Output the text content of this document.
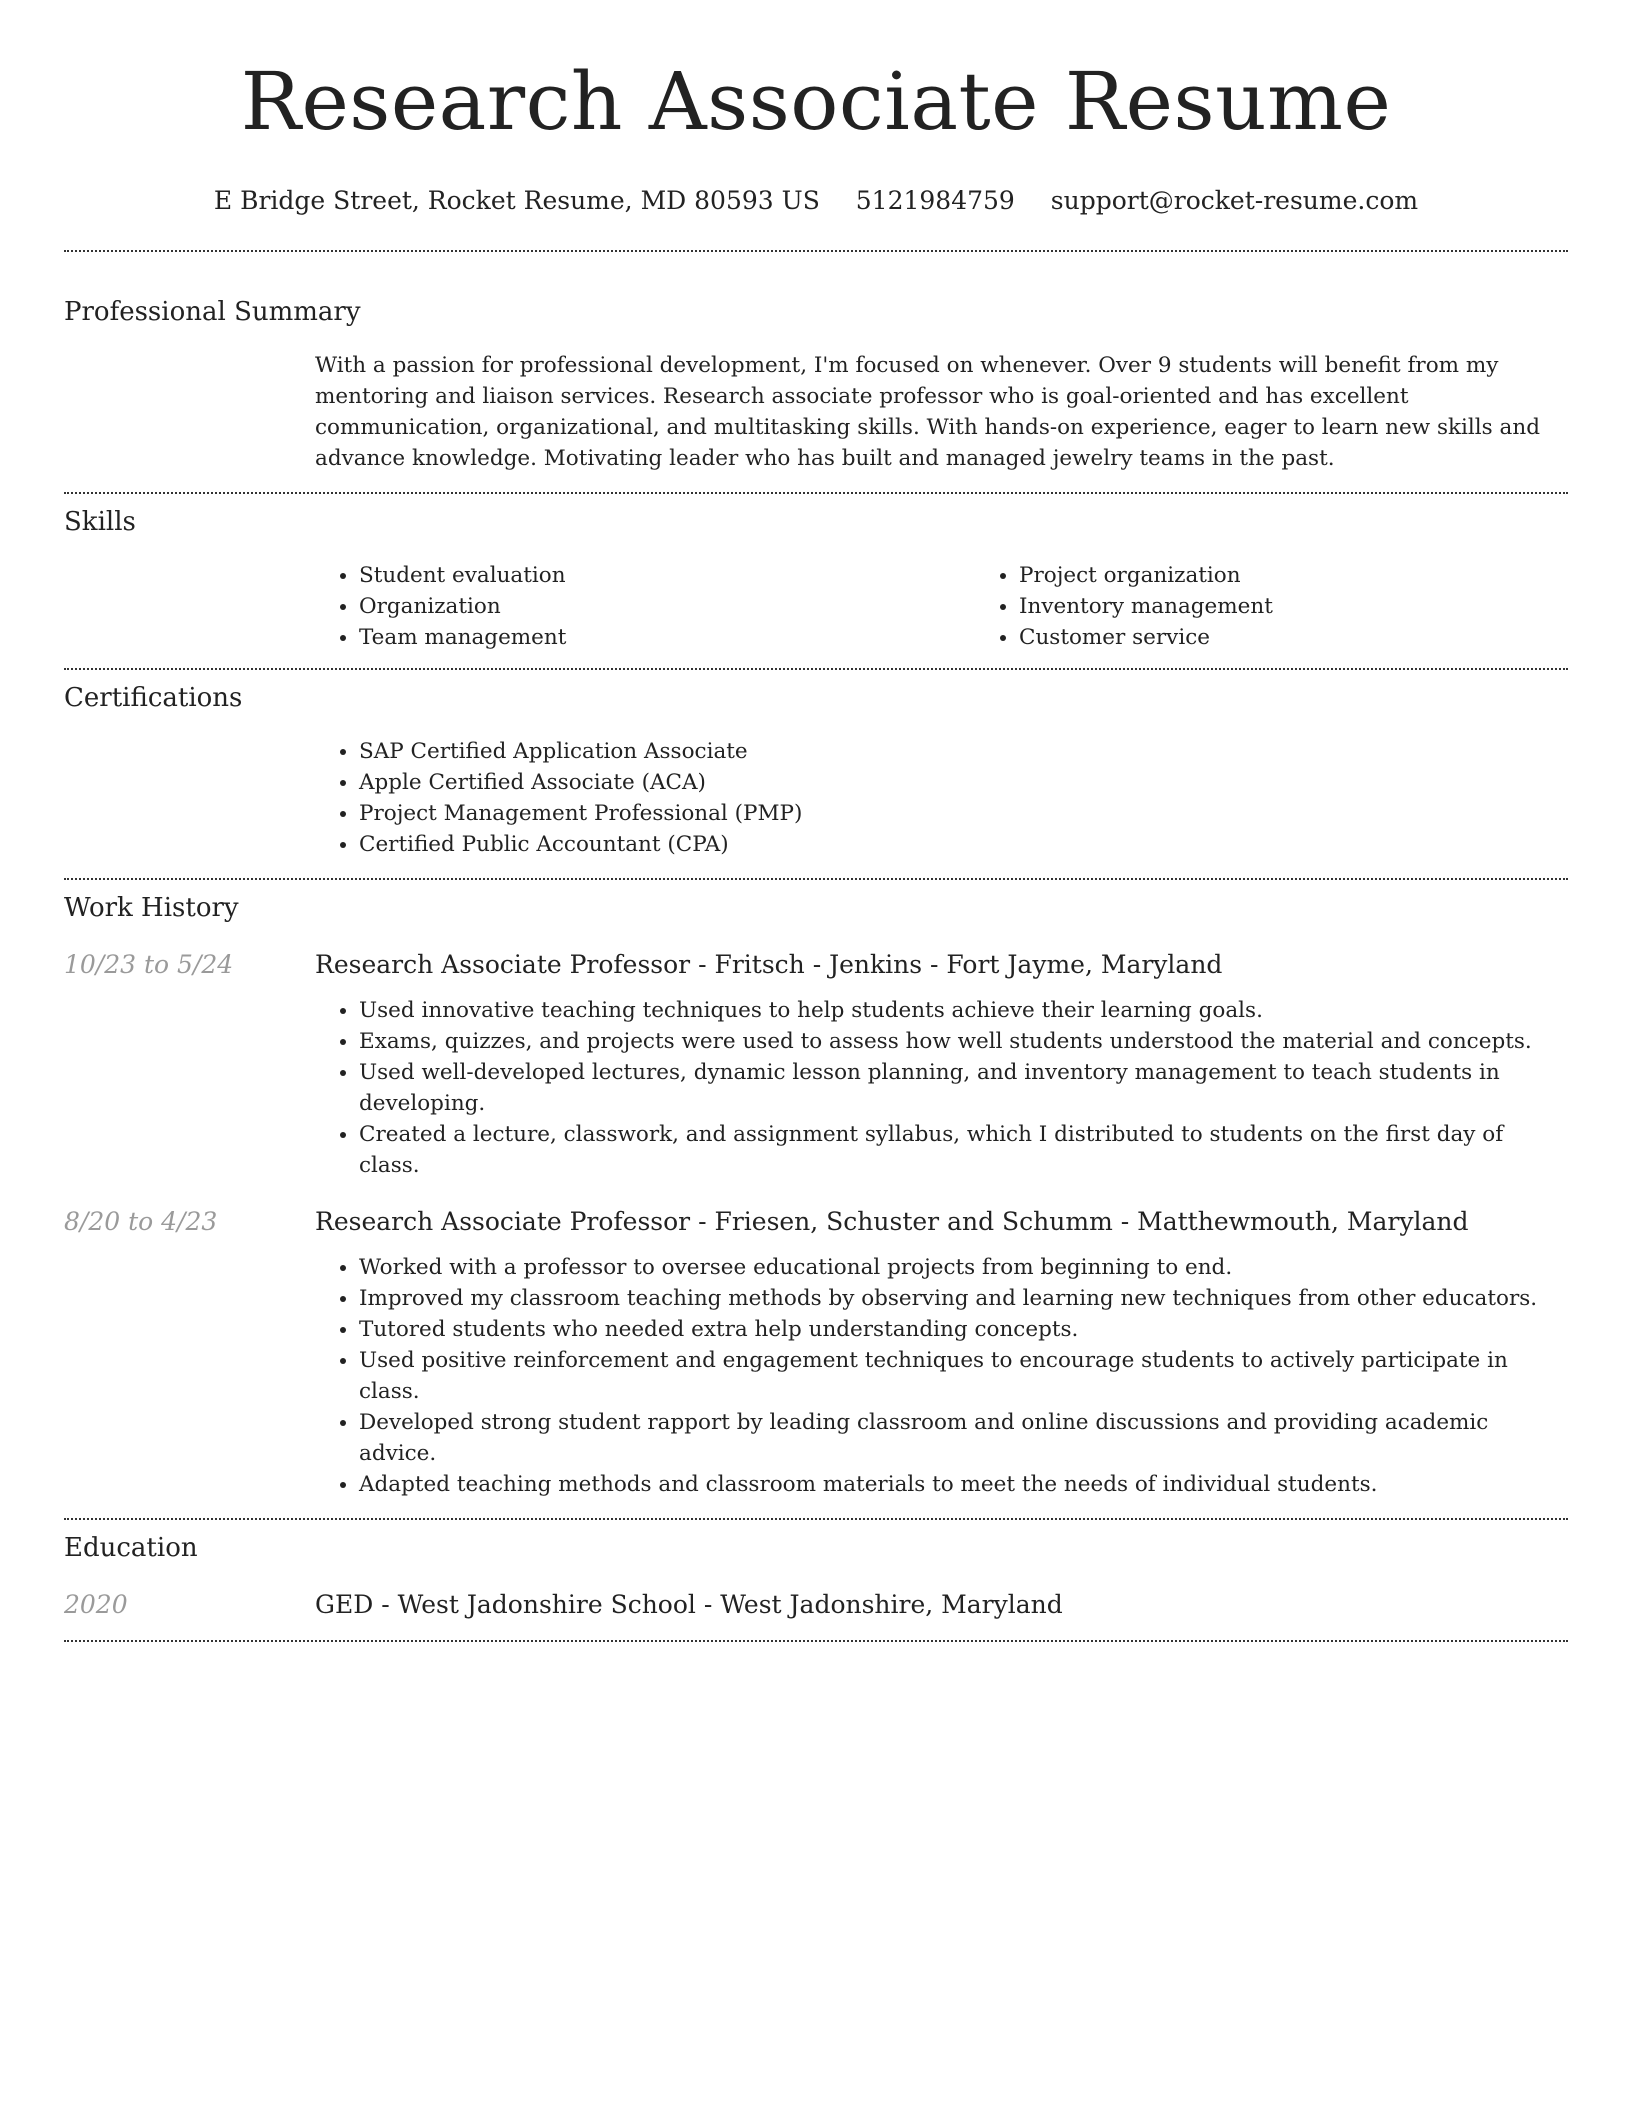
Research Associate Resume
E Bridge Street, Rocket Resume, MD 80593 US 5121984759 support@rocket-resume.com
Professional Summary

With a passion for professional development, I'm focused on whenever. Over 9 students will benefit from my mentoring and liaison services. Research associate professor who is goal-oriented and has excellent communication, organizational, and multitasking skills. With hands-on experience, eager to learn new skills and advance knowledge. Motivating leader who has built and managed jewelry teams in the past.

Skills
• Student evaluation
• Organization
• Team management
• Project organization
• Inventory management
• Customer service
Certifications
• SAP Certified Application Associate
• Apple Certified Associate (ACA)
• Project Management Professional (PMP)
• Certified Public Accountant (CPA)
Work History
10/23 to 5/24	Research Associate Professor - Fritsch - Jenkins - Fort Jayme, Maryland
• Used innovative teaching techniques to help students achieve their learning goals.
• Exams, quizzes, and projects were used to assess how well students understood the material and concepts.
• Used well-developed lectures, dynamic lesson planning, and inventory management to teach students in developing.
• Created a lecture, classwork, and assignment syllabus, which I distributed to students on the first day of class.
8/20 to 4/23	Research Associate Professor - Friesen, Schuster and Schumm - Matthewmouth, Maryland
• Worked with a professor to oversee educational projects from beginning to end.
• Improved my classroom teaching methods by observing and learning new techniques from other educators.
• Tutored students who needed extra help understanding concepts.
• Used positive reinforcement and engagement techniques to encourage students to actively participate in class.
• Developed strong student rapport by leading classroom and online discussions and providing academic advice.
• Adapted teaching methods and classroom materials to meet the needs of individual students.
Education
2020	GED - West Jadonshire School - West Jadonshire, Maryland
